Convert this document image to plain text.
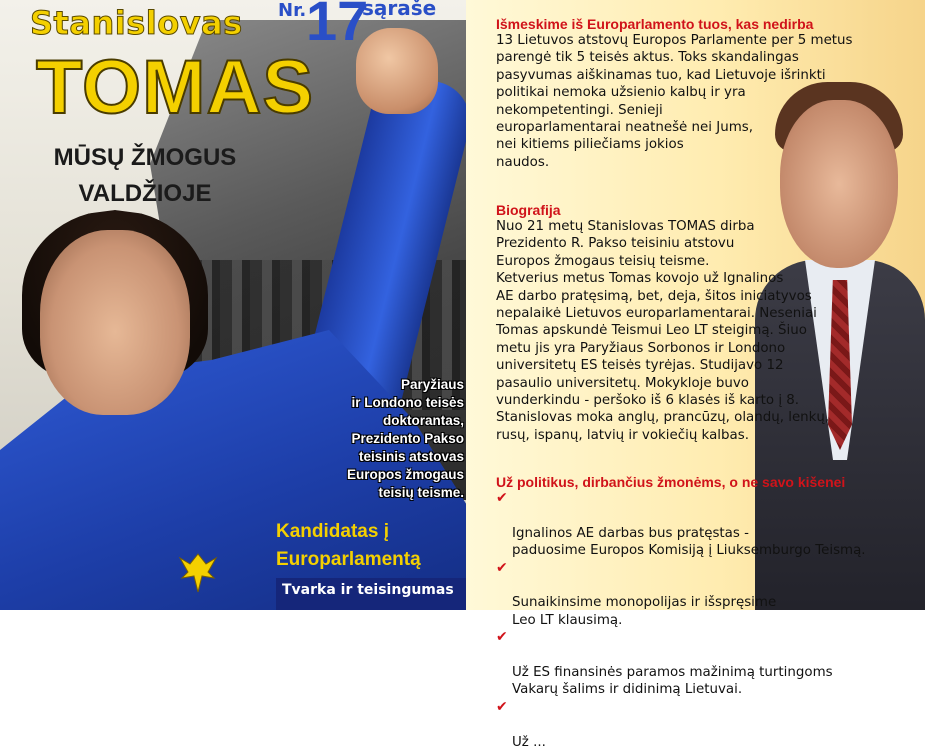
Stanislovas
TOMAS
Nr. 17
sąraše
MŪSŲ ŽMOGUS
VALDŽIOJE
Paryžiaus
ir Londono teisės
doktorantas,
Prezidento Pakso
teisinis atstovas
Europos žmogaus
teisių teisme.
Kandidatas į
Europarlamentą
Tvarka ir teisingumas
Išmeskime iš Europarlamento tuos, kas nedirba
13 Lietuvos atstovų Europos Parlamente per 5 metus
parengė tik 5 teisės aktus. Toks skandalingas
pasyvumas aiškinamas tuo, kad Lietuvoje išrinkti
politikai nemoka užsienio kalbų ir yra
nekompetentingi. Senieji
europarlamentarai neatnešė nei Jums,
nei kitiems piliečiams jokios
naudos.
Biografija
Nuo 21 metų Stanislovas TOMAS dirba
Prezidento R. Pakso teisiniu atstovu
Europos žmogaus teisių teisme.
Ketverius metus Tomas kovojo už Ignalinos
AE darbo pratęsimą, bet, deja, šitos iniciatyvos
nepalaikė Lietuvos europarlamentarai. Neseniai
Tomas apskundė Teismui Leo LT steigimą. Šiuo
metu jis yra Paryžiaus Sorbonos ir Londono
universitetų ES teisės tyrėjas. Studijavo 12
pasaulio universitetų. Mokykloje buvo
vunderkindu - peršoko iš 6 klasės iš karto į 8.
Stanislovas moka anglų, prancūzų, olandų, lenkų,
rusų, ispanų, latvių ir vokiečių kalbas.
Už politikus, dirbančius žmonėms, o ne savo kišenei

✔

Ignalinos AE darbas bus pratęstas -
paduosime Europos Komisiją į Liuksemburgo Teismą.

✔

Sunaikinsime monopolijas ir išspręsime
Leo LT klausimą.

✔

Už ES finansinės paramos mažinimą turtingoms
Vakarų šalims ir didinimą Lietuvai.

✔

Už ...
